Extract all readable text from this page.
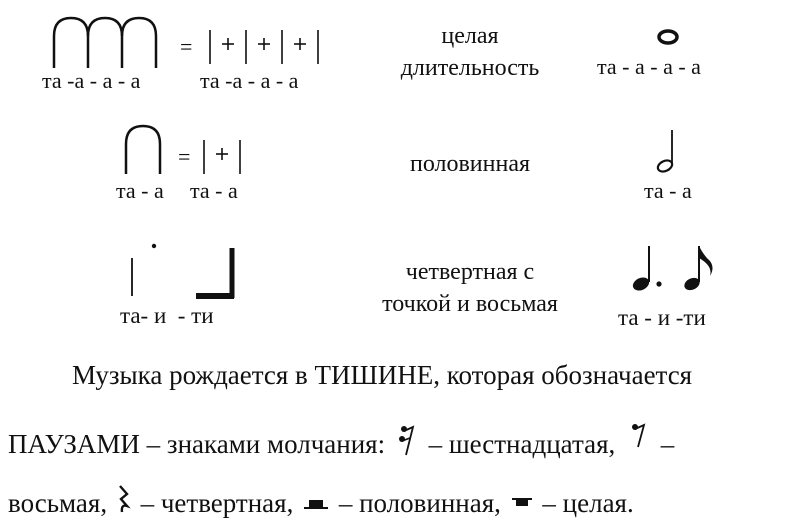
=
та -а - а - а	та -а - а - а
целая
длительность	та - а - а - а
=
та - а та - а
половинная
та - а
та- и  - ти
четвертная с
точкой и восьмая
та - и -ти
Музыка рождается в ТИШИНЕ, которая обозначается
ПАУЗАМИ – знаками молчания: – шестнадцатая, –
восьмая, – четвертная, – половинная, – целая.
